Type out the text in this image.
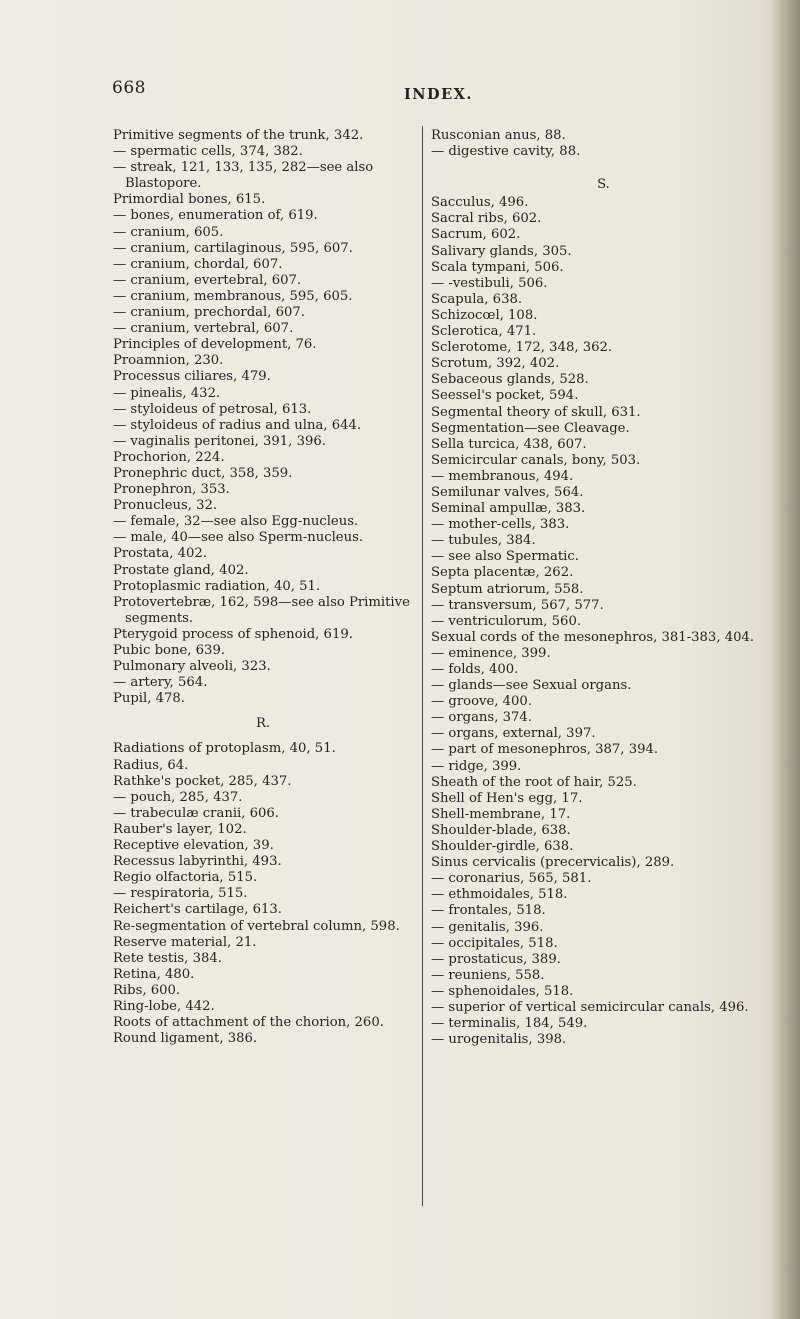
668	INDEX.
Primitive segments of the trunk, 342.
— spermatic cells, 374, 382.
— streak, 121, 133, 135, 282—see also Blastopore.
Primordial bones, 615.
— bones, enumeration of, 619.
— cranium, 605.
— cranium, cartilaginous, 595, 607.
— cranium, chordal, 607.
— cranium, evertebral, 607.
— cranium, membranous, 595, 605.
— cranium, prechordal, 607.
— cranium, vertebral, 607.
Principles of development, 76.
Proamnion, 230.
Processus ciliares, 479.
— pinealis, 432.
— styloideus of petrosal, 613.
— styloideus of radius and ulna, 644.
— vaginalis peritonei, 391, 396.
Prochorion, 224.
Pronephric duct, 358, 359.
Pronephron, 353.
Pronucleus, 32.
— female, 32—see also Egg-nucleus.
— male, 40—see also Sperm-nucleus.
Prostata, 402.
Prostate gland, 402.
Protoplasmic radiation, 40, 51.
Protovertebræ, 162, 598—see also Primitive segments.
Pterygoid process of sphenoid, 619.
Pubic bone, 639.
Pulmonary alveoli, 323.
— artery, 564.
Pupil, 478.
R.
Radiations of protoplasm, 40, 51.
Radius, 64.
Rathke's pocket, 285, 437.
— pouch, 285, 437.
— trabeculæ cranii, 606.
Rauber's layer, 102.
Receptive elevation, 39.
Recessus labyrinthi, 493.
Regio olfactoria, 515.
— respiratoria, 515.
Reichert's cartilage, 613.
Re-segmentation of vertebral column, 598.
Reserve material, 21.
Rete testis, 384.
Retina, 480.
Ribs, 600.
Ring-lobe, 442.
Roots of attachment of the chorion, 260.
Round ligament, 386.
Rusconian anus, 88.
— digestive cavity, 88.
S.
Sacculus, 496.
Sacral ribs, 602.
Sacrum, 602.
Salivary glands, 305.
Scala tympani, 506.
— -vestibuli, 506.
Scapula, 638.
Schizocœl, 108.
Sclerotica, 471.
Sclerotome, 172, 348, 362.
Scrotum, 392, 402.
Sebaceous glands, 528.
Seessel's pocket, 594.
Segmental theory of skull, 631.
Segmentation—see Cleavage.
Sella turcica, 438, 607.
Semicircular canals, bony, 503.
— membranous, 494.
Semilunar valves, 564.
Seminal ampullæ, 383.
— mother-cells, 383.
— tubules, 384.
— see also Spermatic.
Septa placentæ, 262.
Septum atriorum, 558.
— transversum, 567, 577.
— ventriculorum, 560.
Sexual cords of the mesonephros, 381-383, 404.
— eminence, 399.
— folds, 400.
— glands—see Sexual organs.
— groove, 400.
— organs, 374.
— organs, external, 397.
— part of mesonephros, 387, 394.
— ridge, 399.
Sheath of the root of hair, 525.
Shell of Hen's egg, 17.
Shell-membrane, 17.
Shoulder-blade, 638.
Shoulder-girdle, 638.
Sinus cervicalis (precervicalis), 289.
— coronarius, 565, 581.
— ethmoidales, 518.
— frontales, 518.
— genitalis, 396.
— occipitales, 518.
— prostaticus, 389.
— reuniens, 558.
— sphenoidales, 518.
— superior of vertical semicircular canals, 496.
— terminalis, 184, 549.
— urogenitalis, 398.
